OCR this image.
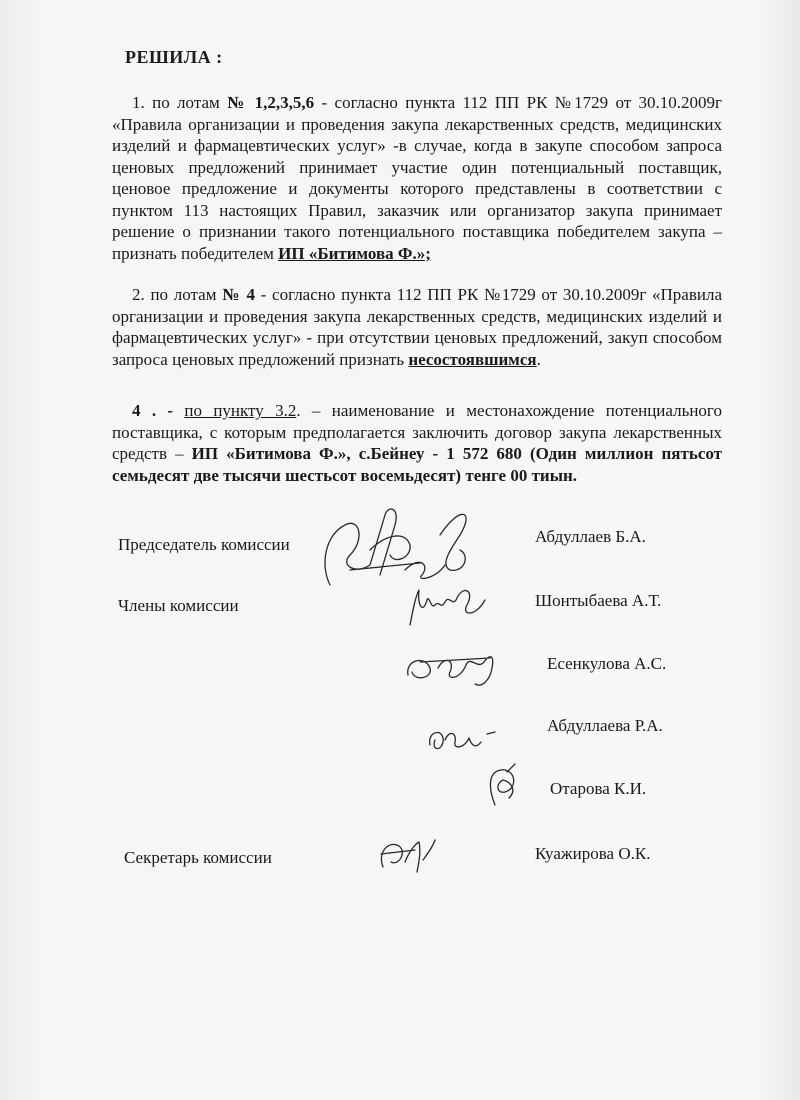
РЕШИЛА :
1. по лотам № 1,2,3,5,6 - согласно пункта 112 ПП РК №1729 от 30.10.2009г «Правила организации и проведения закупа лекарственных средств, медицинских изделий и фармацевтических услуг» -в случае, когда в закупе способом запроса ценовых предложений принимает участие один потенциальный поставщик, ценовое предложение и документы которого представлены в соответствии с пунктом 113 настоящих Правил, заказчик или организатор закупа принимает решение о признании такого потенциального поставщика победителем закупа – признать победителем ИП «Битимова Ф.»;
2. по лотам № 4 - согласно пункта 112 ПП РК №1729 от 30.10.2009г «Правила организации и проведения закупа лекарственных средств, медицинских изделий и фармацевтических услуг» - при отсутствии ценовых предложений, закуп способом запроса ценовых предложений признать несостоявшимся.
4 . - по пункту 3.2. – наименование и местонахождение потенциального поставщика, с которым предполагается заключить договор закупа лекарственных средств – ИП «Битимова Ф.», с.Бейнеу - 1 572 680 (Один миллион пятьсот семьдесят две тысячи шестьсот восемьдесят) тенге 00 тиын.
Председатель комиссии	Абдуллаев Б.А.
Члены комиссии	Шонтыбаева А.Т.
Есенкулова А.С.
Абдуллаева Р.А.
Отарова К.И.
Секретарь комиссии	Куажирова О.К.
